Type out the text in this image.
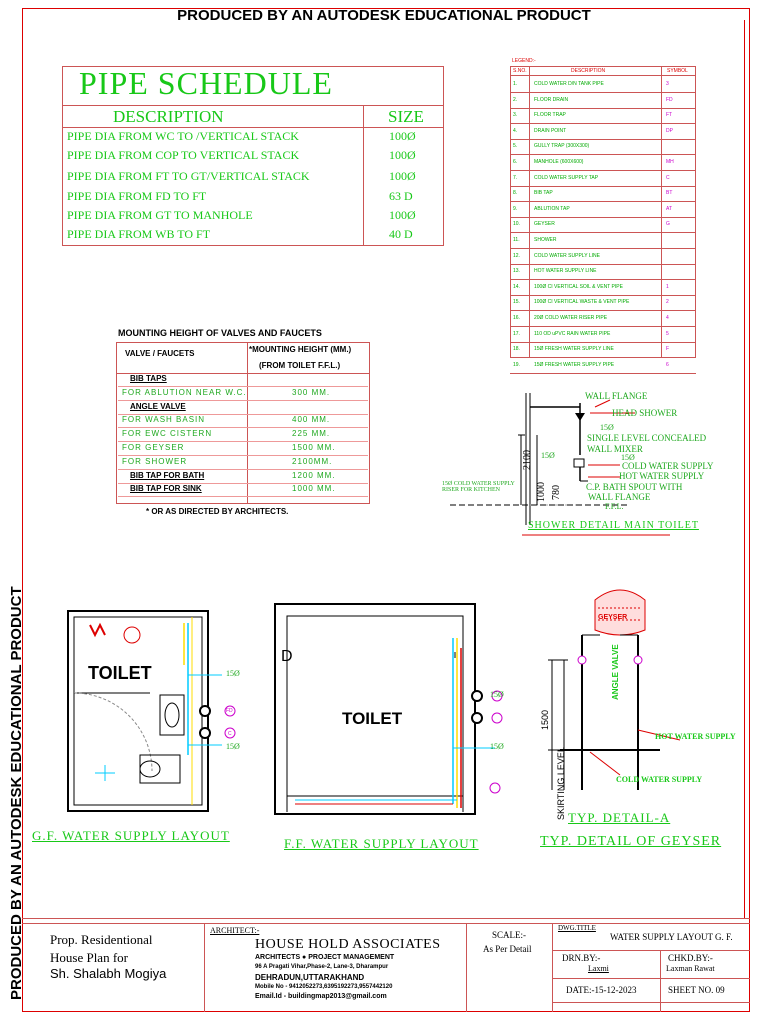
PRODUCED BY AN AUTODESK EDUCATIONAL PRODUCT
PRODUCED BY AN AUTODESK EDUCATIONAL PRODUCT
PIPE SCHEDULE
DESCRIPTION	SIZE
PIPE DIA FROM WC TO /VERTICAL STACK	100Ø
PIPE DIA FROM COP TO VERTICAL STACK	100Ø
PIPE DIA FROM FT TO GT/VERTICAL STACK	100Ø
PIPE DIA FROM FD TO FT	63 D
PIPE DIA FROM GT TO MANHOLE	100Ø
PIPE DIA FROM WB TO FT	40 D
LEGEND:-
S.NO.	DESCRIPTION	SYMBOL
1.	COLD WATER D/N TANK PIPE	3
2.	FLOOR DRAIN	FD
3.	FLOOR TRAP	FT
4.	DRAIN POINT	DP
5.	GULLY TRAP (300X300)
6.	MANHOLE (600X600)	MH
7.	COLD WATER SUPPLY TAP	C
8.	BIB TAP	BT
9.	ABLUTION TAP	AT
10.	GEYSER	G
11.	SHOWER
12.	COLD WATER SUPPLY LINE
13.	HOT WATER SUPPLY LINE
14.	100Ø CI VERTICAL SOIL & VENT PIPE	1
15.	100Ø CI VERTICAL WASTE & VENT PIPE	2
16.	20Ø COLD WATER RISER PIPE	4
17.	110 OD uPVC RAIN WATER PIPE	5
18.	15Ø FRESH WATER SUPPLY LINE	F
19.	15Ø FRESH WATER SUPPLY PIPE	6
MOUNTING HEIGHT OF VALVES AND FAUCETS
VALVE / FAUCETS	*MOUNTING HEIGHT (MM.)
(FROM TOILET F.F.L.)
BIB TAPS
FOR ABLUTION NEAR W.C.	300 MM.
ANGLE VALVE
FOR WASH BASIN	400 MM.
FOR EWC CISTERN	225 MM.
FOR GEYSER	1500 MM.
FOR SHOWER	2100MM.
BIB TAP FOR BATH	1200 MM.
BIB TAP FOR SINK	1000 MM.
* OR AS DIRECTED BY ARCHITECTS.
WALL FLANGE
HEAD SHOWER
15Ø
SINGLE LEVEL CONCEALED
WALL MIXER
15Ø
15Ø
COLD WATER SUPPLY
HOT WATER SUPPLY
C.P. BATH SPOUT WITH
WALL FLANGE
F.F.L.
15Ø COLD WATER SUPPLY RISER FOR KITCHEN
2100
1000 780
SHOWER DETAIL MAIN TOILET
TOILET	15Ø
15Ø
FD
C
G.F. WATER SUPPLY LAYOUT
D
TOILET
15Ø
15Ø
F.F. WATER SUPPLY LAYOUT
GEYSER
ANGLE VALVE
HOT WATER SUPPLY
COLD WATER SUPPLY
SKIRTING LEVEL
1500
TYP. DETAIL-A
TYP. DETAIL OF GEYSER
Prop. Residentional
House Plan for
Sh. Shalabh Mogiya
ARCHITECT:-
HOUSE HOLD ASSOCIATES
ARCHITECTS ● PROJECT MANAGEMENT
96 A Pragati Vihar,Phase-2, Lane-3, Dharampur
DEHRADUN,UTTARAKHAND
Mobile No - 9412052273,6395192273,9557442120
Email.Id - buildingmap2013@gmail.com
SCALE:-
As Per Detail
DWG.TITLE
WATER SUPPLY LAYOUT G. F.
DRN.BY:-
Laxmi
CHKD.BY:-
Laxman Rawat
DATE:-15-12-2023	SHEET NO. 09
